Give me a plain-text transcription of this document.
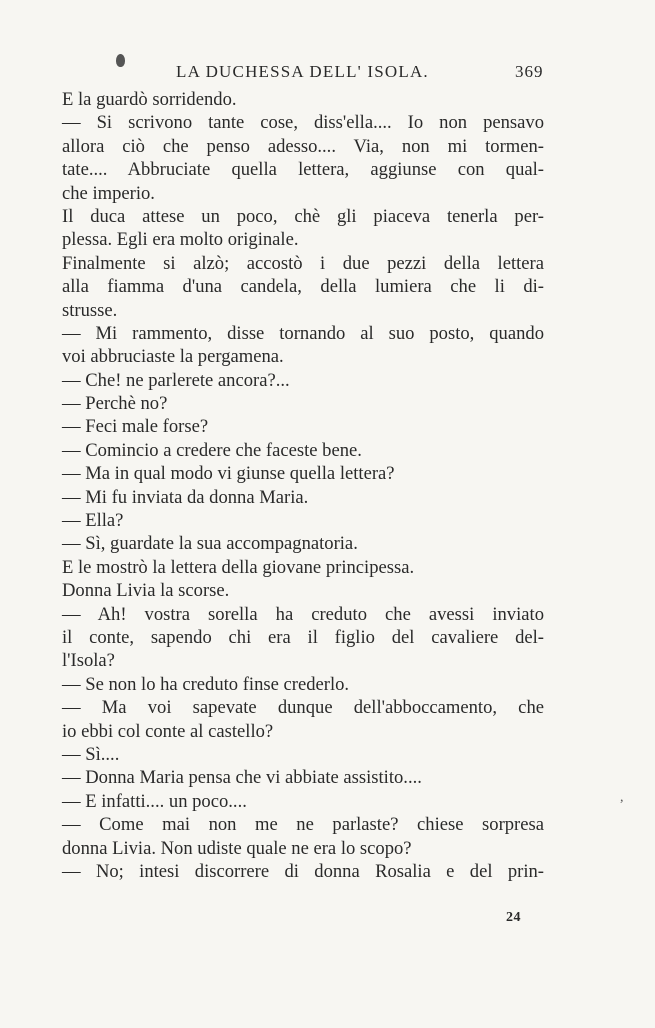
LA DUCHESSA DELL' ISOLA.	369
E la guardò sorridendo.
— Si scrivono tante cose, diss'ella.... Io non pensavo
allora ciò che penso adesso.... Via, non mi tormen-
tate.... Abbruciate quella lettera, aggiunse con qual-
che imperio.
Il duca attese un poco, chè gli piaceva tenerla per-
plessa. Egli era molto originale.
Finalmente si alzò; accostò i due pezzi della lettera
alla fiamma d'una candela, della lumiera che li di-
strusse.
— Mi rammento, disse tornando al suo posto, quando
voi abbruciaste la pergamena.
— Che! ne parlerete ancora?...
— Perchè no?
— Feci male forse?
— Comincio a credere che faceste bene.
— Ma in qual modo vi giunse quella lettera?
— Mi fu inviata da donna Maria.
— Ella?
— Sì, guardate la sua accompagnatoria.
E le mostrò la lettera della giovane principessa.
Donna Livia la scorse.
— Ah! vostra sorella ha creduto che avessi inviato
il conte, sapendo chi era il figlio del cavaliere del-
l'Isola?
— Se non lo ha creduto finse crederlo.
— Ma voi sapevate dunque dell'abboccamento, che
io ebbi col conte al castello?
— Sì....
— Donna Maria pensa che vi abbiate assistito....
— E infatti.... un poco....
— Come mai non me ne parlaste? chiese sorpresa
donna Livia. Non udiste quale ne era lo scopo?
— No; intesi discorrere di donna Rosalia e del prin-
,
24
